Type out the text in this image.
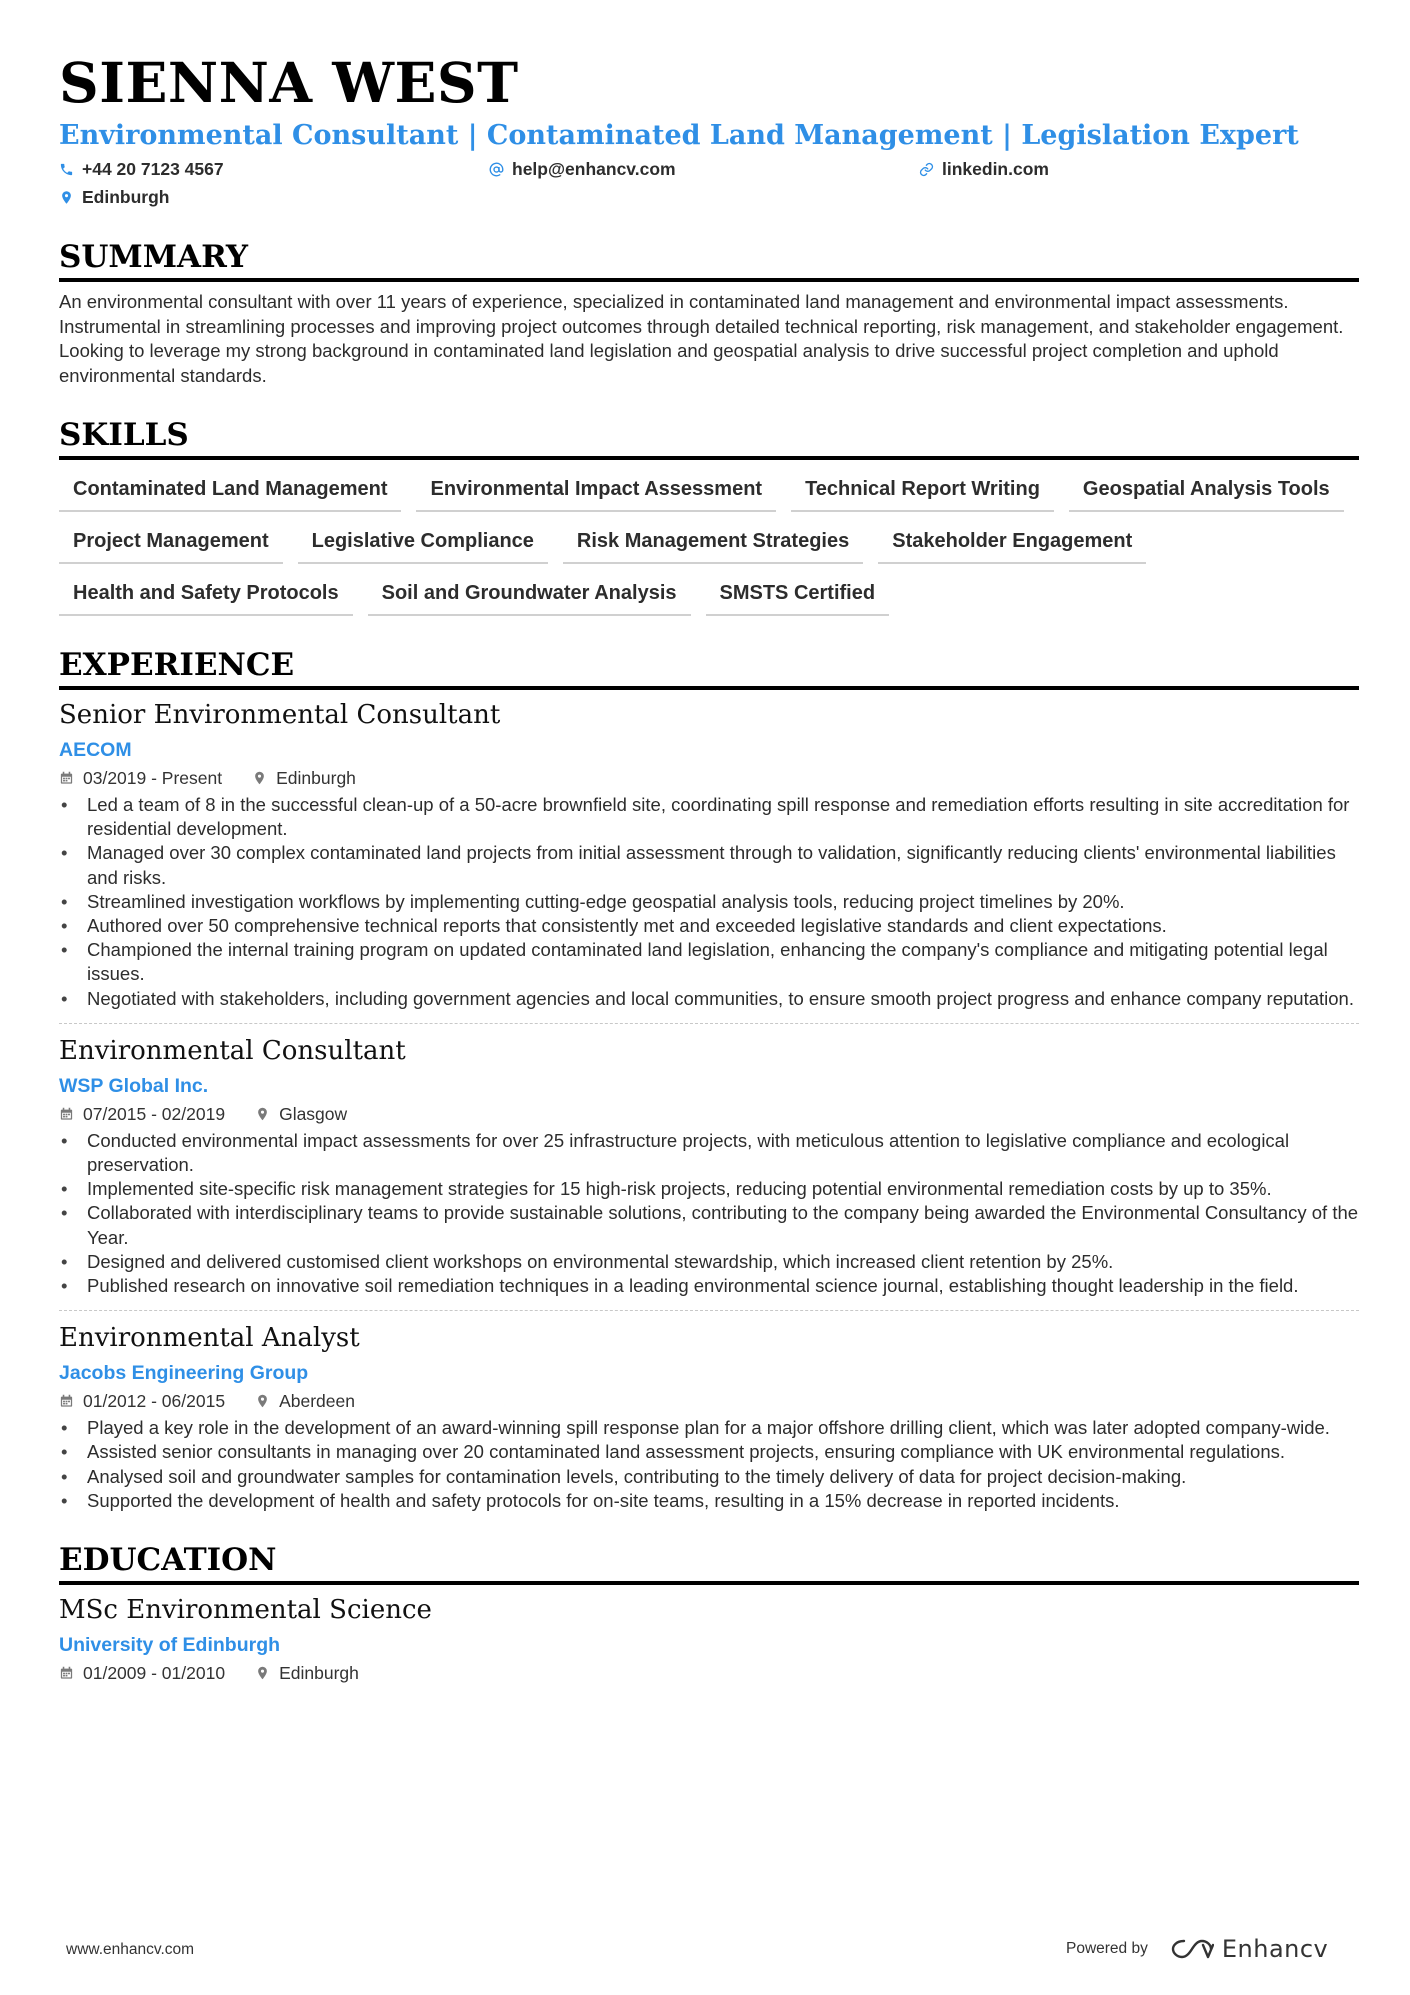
SIENNA WEST
Environmental Consultant | Contaminated Land Management | Legislation Expert
+44 20 7123 4567	help@enhancv.com	linkedin.com
Edinburgh
SUMMARY

An environmental consultant with over 11 years of experience, specialized in contaminated land management and environmental impact assessments. Instrumental in streamlining processes and improving project outcomes through detailed technical reporting, risk management, and stakeholder engagement. Looking to leverage my strong background in contaminated land legislation and geospatial analysis to drive successful project completion and uphold environmental standards.

SKILLS
Contaminated Land Management	Environmental Impact Assessment	Technical Report Writing	Geospatial Analysis Tools
Project Management	Legislative Compliance	Risk Management Strategies	Stakeholder Engagement
Health and Safety Protocols	Soil and Groundwater Analysis	SMSTS Certified
EXPERIENCE
Senior Environmental Consultant
AECOM
03/2019 - Present	Edinburgh
• Led a team of 8 in the successful clean-up of a 50-acre brownfield site, coordinating spill response and remediation efforts resulting in site accreditation for residential development.
• Managed over 30 complex contaminated land projects from initial assessment through to validation, significantly reducing clients' environmental liabilities and risks.
• Streamlined investigation workflows by implementing cutting-edge geospatial analysis tools, reducing project timelines by 20%.
• Authored over 50 comprehensive technical reports that consistently met and exceeded legislative standards and client expectations.
• Championed the internal training program on updated contaminated land legislation, enhancing the company's compliance and mitigating potential legal issues.
• Negotiated with stakeholders, including government agencies and local communities, to ensure smooth project progress and enhance company reputation.
Environmental Consultant
WSP Global Inc.
07/2015 - 02/2019	Glasgow
• Conducted environmental impact assessments for over 25 infrastructure projects, with meticulous attention to legislative compliance and ecological preservation.
• Implemented site-specific risk management strategies for 15 high-risk projects, reducing potential environmental remediation costs by up to 35%.
• Collaborated with interdisciplinary teams to provide sustainable solutions, contributing to the company being awarded the Environmental Consultancy of the Year.
• Designed and delivered customised client workshops on environmental stewardship, which increased client retention by 25%.
• Published research on innovative soil remediation techniques in a leading environmental science journal, establishing thought leadership in the field.
Environmental Analyst
Jacobs Engineering Group
01/2012 - 06/2015	Aberdeen
• Played a key role in the development of an award-winning spill response plan for a major offshore drilling client, which was later adopted company-wide.
• Assisted senior consultants in managing over 20 contaminated land assessment projects, ensuring compliance with UK environmental regulations.
• Analysed soil and groundwater samples for contamination levels, contributing to the timely delivery of data for project decision-making.
• Supported the development of health and safety protocols for on-site teams, resulting in a 15% decrease in reported incidents.
EDUCATION
MSc Environmental Science
University of Edinburgh
01/2009 - 01/2010	Edinburgh
www.enhancv.com	Powered by	Enhancv
